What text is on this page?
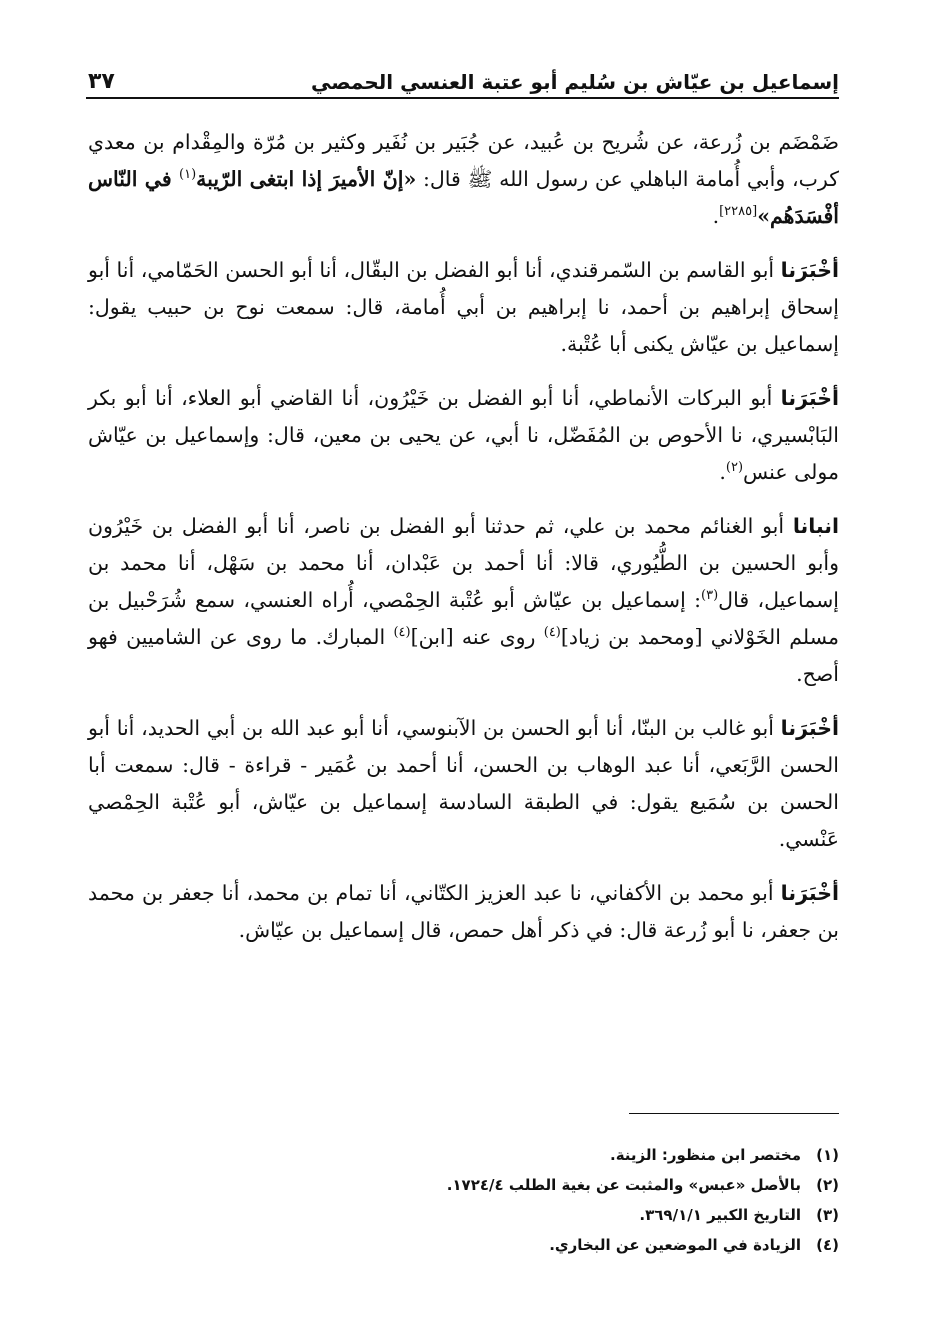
إسماعيل بن عيّاش بن سُليم أبو عتبة العنسي الحمصي
٣٧

ضَمْضَم بن زُرعة، عن شُريح بن عُبيد، عن جُبَير بن نُفَير وكثير بن مُرّة والمِقْدام بن معدي كرب، وأبي أُمامة الباهلي عن رسول الله ﷺ قال: «إنّ الأميرَ إذا ابتغى الرّيبة$^{(١)}$ في النّاس أفْسَدَهُم»[٢٢٨٥].

أخْبَرَنا أبو القاسم بن السّمرقندي، أنا أبو الفضل بن البقّال، أنا أبو الحسن الحَمّامي، أنا أبو إسحاق إبراهيم بن أحمد، نا إبراهيم بن أبي أُمامة، قال: سمعت نوح بن حبيب يقول: إسماعيل بن عيّاش يكنى أبا عُتْبة.

أخْبَرَنا أبو البركات الأنماطي، أنا أبو الفضل بن خَيْرُون، أنا القاضي أبو العلاء، أنا أبو بكر البَابْسيري، نا الأحوص بن المُفَضّل، نا أبي، عن يحيى بن معين، قال: وإسماعيل بن عيّاش مولى عنس$^{(٢)}$.

انبانا أبو الغنائم محمد بن علي، ثم حدثنا أبو الفضل بن ناصر، أنا أبو الفضل بن خَيْرُون وأبو الحسين بن الطُّيُوري، قالا: أنا أحمد بن عَبْدان، أنا محمد بن سَهْل، أنا محمد بن إسماعيل، قال$^{(٣)}$: إسماعيل بن عيّاش أبو عُتْبة الحِمْصي، أُراه العنسي، سمع شُرَحْبيل بن مسلم الخَوْلاني [ومحمد بن زياد]$^{(٤)}$ روى عنه [ابن]$^{(٤)}$ المبارك. ما روى عن الشاميين فهو أصح.

أخْبَرَنا أبو غالب بن البنّا، أنا أبو الحسن بن الآبنوسي، أنا أبو عبد الله بن أبي الحديد، أنا أبو الحسن الرَّبَعي، أنا عبد الوهاب بن الحسن، أنا أحمد بن عُمَير - قراءة - قال: سمعت أبا الحسن بن سُمَيع يقول: في الطبقة السادسة إسماعيل بن عيّاش، أبو عُتْبة الحِمْصي عَنْسي.

أخْبَرَنا أبو محمد بن الأكفاني، نا عبد العزيز الكتّاني، أنا تمام بن محمد، أنا جعفر بن محمد بن جعفر، نا أبو زُرعة قال: في ذكر أهل حمص، قال إسماعيل بن عيّاش.

(١)
مختصر ابن منظور: الزينة.
(٢)
بالأصل «عبس» والمثبت عن بغية الطلب ١٧٢٤/٤.
(٣)
التاريخ الكبير ٣٦٩/١/١.
(٤)
الزيادة في الموضعين عن البخاري.
